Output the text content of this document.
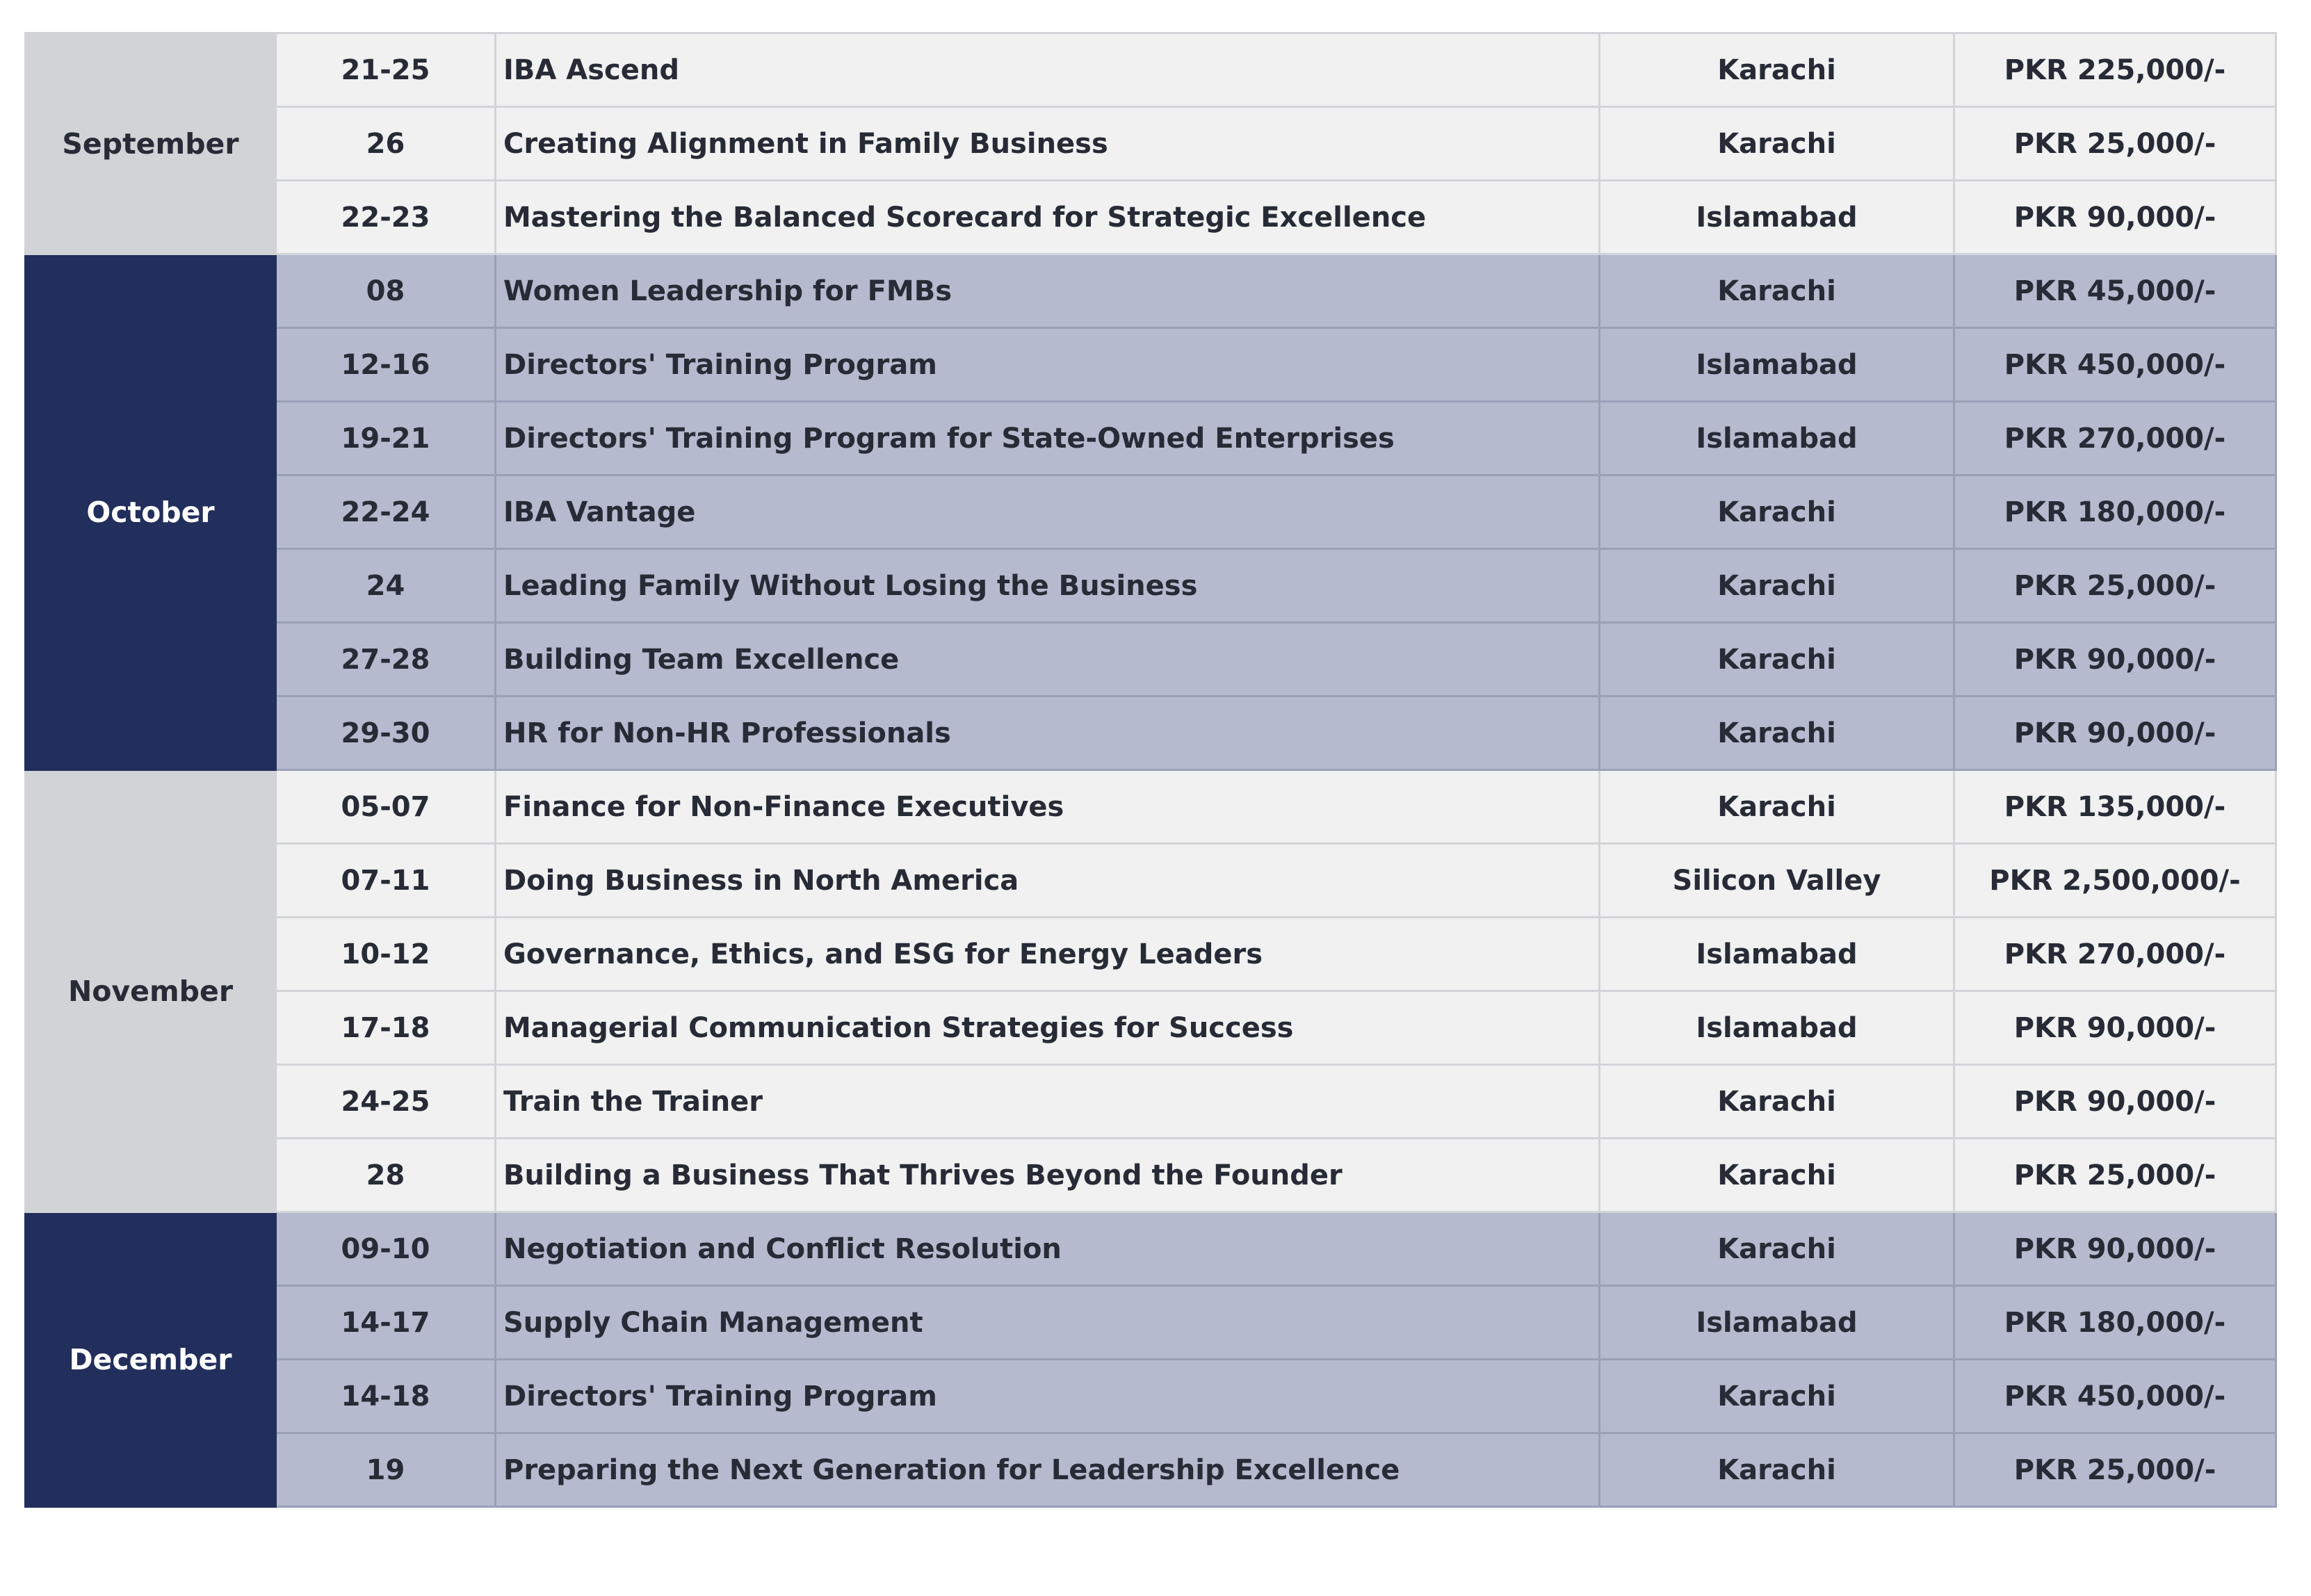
September	21-25	IBA Ascend	Karachi	PKR 225,000/-
	26	Creating Alignment in Family Business	Karachi	PKR 25,000/-
	22-23	Mastering the Balanced Scorecard for Strategic Excellence	Islamabad	PKR 90,000/-
October	08	Women Leadership for FMBs	Karachi	PKR 45,000/-
	12-16	Directors' Training Program	Islamabad	PKR 450,000/-
	19-21	Directors' Training Program for State-Owned Enterprises	Islamabad	PKR 270,000/-
	22-24	IBA Vantage	Karachi	PKR 180,000/-
	24	Leading Family Without Losing the Business	Karachi	PKR 25,000/-
	27-28	Building Team Excellence	Karachi	PKR 90,000/-
	29-30	HR for Non-HR Professionals	Karachi	PKR 90,000/-
November	05-07	Finance for Non-Finance Executives	Karachi	PKR 135,000/-
	07-11	Doing Business in North America	Silicon Valley	PKR 2,500,000/-
	10-12	Governance, Ethics, and ESG for Energy Leaders	Islamabad	PKR 270,000/-
	17-18	Managerial Communication Strategies for Success	Islamabad	PKR 90,000/-
	24-25	Train the Trainer	Karachi	PKR 90,000/-
	28	Building a Business That Thrives Beyond the Founder	Karachi	PKR 25,000/-
December	09-10	Negotiation and Conflict Resolution	Karachi	PKR 90,000/-
	14-17	Supply Chain Management	Islamabad	PKR 180,000/-
	14-18	Directors' Training Program	Karachi	PKR 450,000/-
	19	Preparing the Next Generation for Leadership Excellence	Karachi	PKR 25,000/-
